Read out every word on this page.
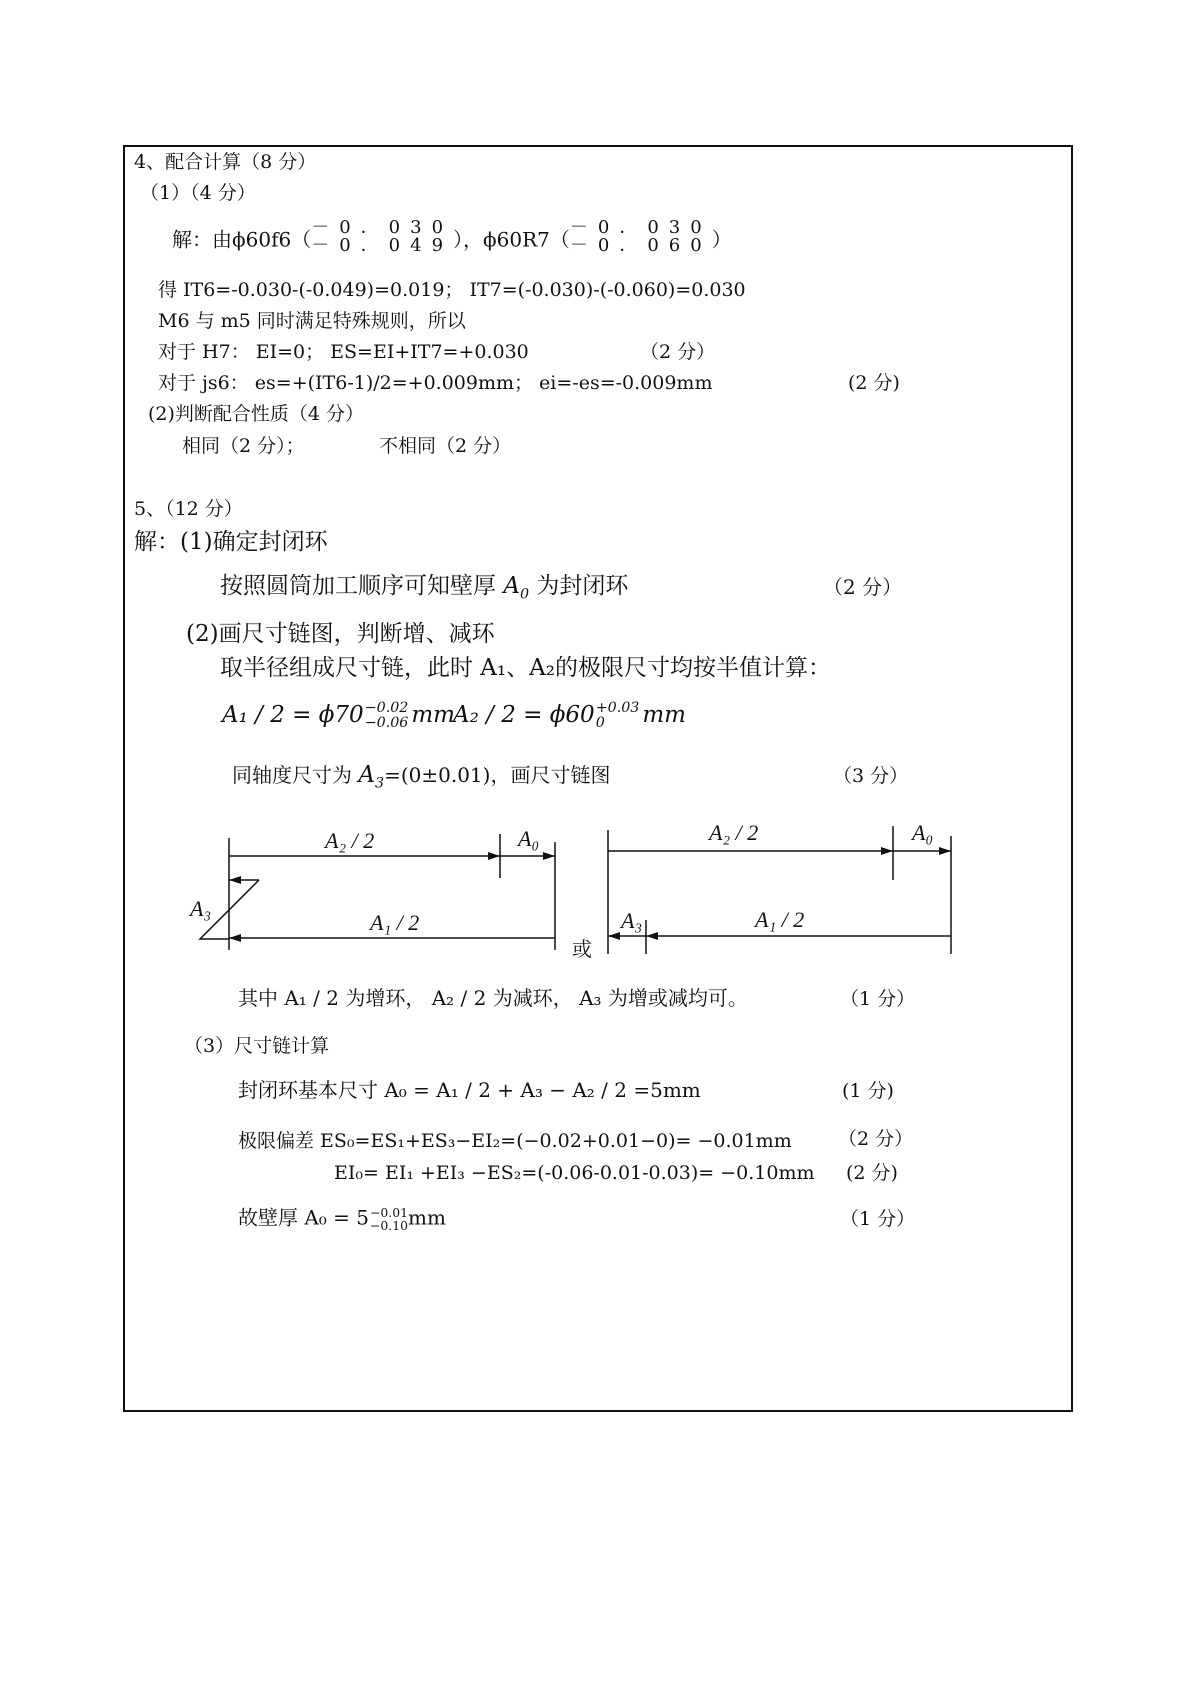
4、配合计算（8 分）
（1）（4 分）
解：由ϕ60f6（ －0．030
－0．049 ），ϕ60R7（ －0．030
－0．060 ）
得 IT6=-0.030-(-0.049)=0.019； IT7=(-0.030)-(-0.060)=0.030
M6 与 m5 同时满足特殊规则，所以
对于 H7： EI=0； ES=EI+IT7=+0.030	（2 分）
对于 js6： es=+(IT6-1)/2=+0.009mm； ei=-es=-0.009mm	(2 分)
(2)判断配合性质（4 分）
相同（2 分）；	不相同（2 分）
5、（12 分）
解：(1)确定封闭环
按照圆筒加工顺序可知壁厚 $A_0$ 为封闭环	（2 分）
(2)画尺寸链图，判断增、减环
取半径组成尺寸链，此时 A₁、A₂的极限尺寸均按半值计算：
A₁ / 2 = ϕ70 −0.02
−0.06 mm
A₂ / 2 = ϕ60 +0.03
0	mm
同轴度尺寸为 $A_3=(0\pm 0.01)$，画尺寸链图	（3 分）
A₂ / 2	A₀
A₃
A₁ / 2
A₂ / 2	A₀
A₃	A₁ / 2
或
其中 A₁ / 2 为增环， A₂ / 2 为减环， A₃ 为增或减均可。	（1 分）
（3）尺寸链计算
封闭环基本尺寸 A₀ = A₁ / 2 + A₃ − A₂ / 2 =5mm	(1 分)
极限偏差 ES₀=ES₁+ES₃−EI₂=(−0.02+0.01−0)= −0.01mm （2 分）
EI₀= EI₁ +EI₃ −ES₂=(-0.06-0.01-0.03)= −0.10mm (2 分)
故壁厚 A₀ = 5 −0.01
−0.10 mm	（1 分）
